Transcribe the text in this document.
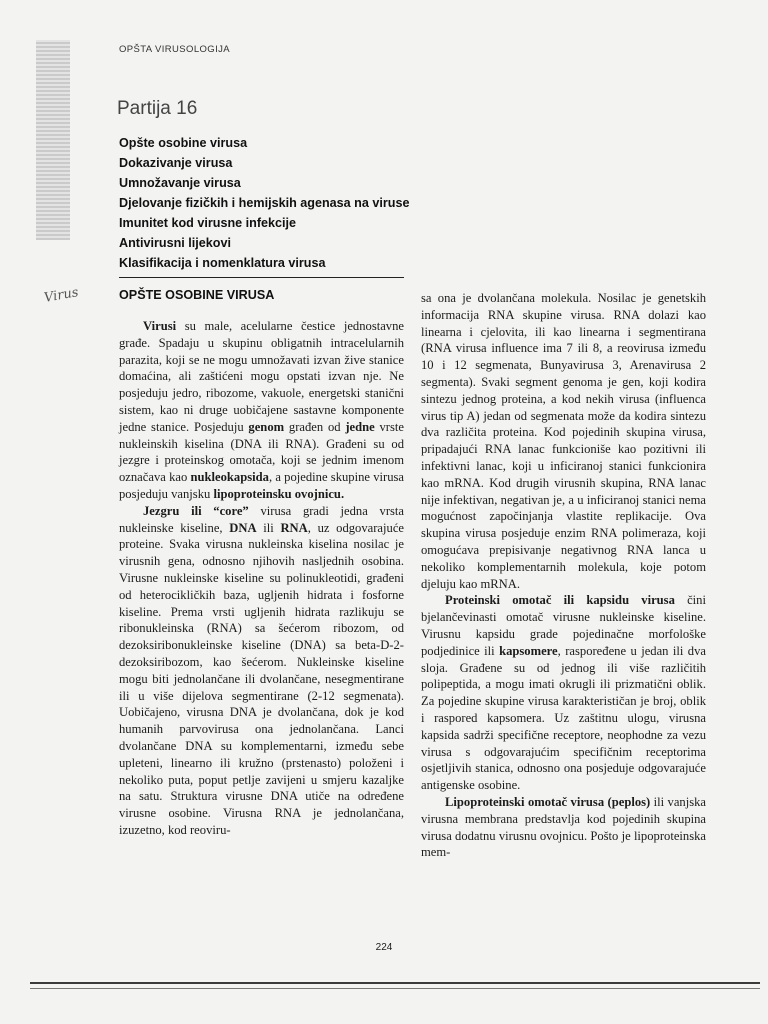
OPŠTA VIRUSOLOGIJA
Partija 16
Opšte osobine virusa
Dokazivanje virusa
Umnožavanje virusa
Djelovanje fizičkih i hemijskih agenasa na viruse
Imunitet kod virusne infekcije
Antivirusni lijekovi
Klasifikacija i nomenklatura virusa
Virus	OPŠTE OSOBINE VIRUSA

Virusi su male, acelularne čestice jednostavne građe. Spadaju u skupinu obligatnih intracelularnih parazita, koji se ne mogu umnožavati izvan žive stanice domaćina, ali zaštićeni mogu opstati izvan nje. Ne posjeduju jedro, ribozome, vakuole, energetski stanični sistem, kao ni druge uobičajene sastavne komponente jedne stanice. Posjeduju genom građen od jedne vrste nukleinskih kiselina (DNA ili RNA). Građeni su od jezgre i proteinskog omotača, koji se jednim imenom označava kao nukleokapsida, a pojedine skupine virusa posjeduju vanjsku lipoproteinsku ovojnicu.

Jezgru ili “core” virusa gradi jedna vrsta nukleinske kiseline, DNA ili RNA, uz odgovarajuće proteine. Svaka virusna nukleinska kiselina nosilac je virusnih gena, odnosno njihovih nasljednih osobina. Virusne nukleinske kiseline su polinukleotidi, građeni od heterocikličkih baza, ugljenih hidrata i fosforne kiseline. Prema vrsti ugljenih hidrata razlikuju se ribonukleinska (RNA) sa šećerom ribozom, od dezoksiribonukleinske kiseline (DNA) sa beta-D-2-dezoksiribozom, kao šećerom. Nukleinske kiseline mogu biti jednolančane ili dvolančane, nesegmentirane ili u više dijelova segmentirane (2-12 segmenata). Uobičajeno, virusna DNA je dvolančana, dok je kod humanih parvovirusa ona jednolančana. Lanci dvolančane DNA su komplementarni, između sebe upleteni, linearno ili kružno (prstenasto) položeni i nekoliko puta, poput petlje zavijeni u smjeru kazaljke na satu. Struktura virusne DNA utiče na određene virusne osobine. Virusna RNA je jednolančana, izuzetno, kod reoviru-

sa ona je dvolančana molekula. Nosilac je genetskih informacija RNA skupine virusa. RNA dolazi kao linearna i cjelovita, ili kao linearna i segmentirana (RNA virusa influence ima 7 ili 8, a reovirusa između 10 i 12 segmenata, Bunyavirusa 3, Arenavirusa 2 segmenta). Svaki segment genoma je gen, koji kodira sintezu jednog proteina, a kod nekih virusa (influenca virus tip A) jedan od segmenata može da kodira sintezu dva različita proteina. Kod pojedinih skupina virusa, pripadajući RNA lanac funkcioniše kao pozitivni ili infektivni lanac, koji u inficiranoj stanici funkcionira kao mRNA. Kod drugih virusnih skupina, RNA lanac nije infektivan, negativan je, a u inficiranoj stanici nema mogućnost započinjanja vlastite replikacije. Ova skupina virusa posjeduje enzim RNA polimeraza, koji omogućava prepisivanje negativnog RNA lanca u nekoliko komplementarnih molekula, koje potom djeluju kao mRNA.

Proteinski omotač ili kapsidu virusa čini bjelančevinasti omotač virusne nukleinske kiseline. Virusnu kapsidu grade pojedinačne morfološke podjedinice ili kapsomere, raspoređene u jedan ili dva sloja. Građene su od jednog ili više različitih polipeptida, a mogu imati okrugli ili prizmatični oblik. Za pojedine skupine virusa karakterističan je broj, oblik i raspored kapsomera. Uz zaštitnu ulogu, virusna kapsida sadrži specifične receptore, neophodne za vezu virusa s odgovarajućim specifičnim receptorima osjetljivih stanica, odnosno ona posjeduje odgovarajuće antigenske osobine.

Lipoproteinski omotač virusa (peplos) ili vanjska virusna membrana predstavlja kod pojedinih skupina virusa dodatnu virusnu ovojnicu. Pošto je lipoproteinska mem-

224
